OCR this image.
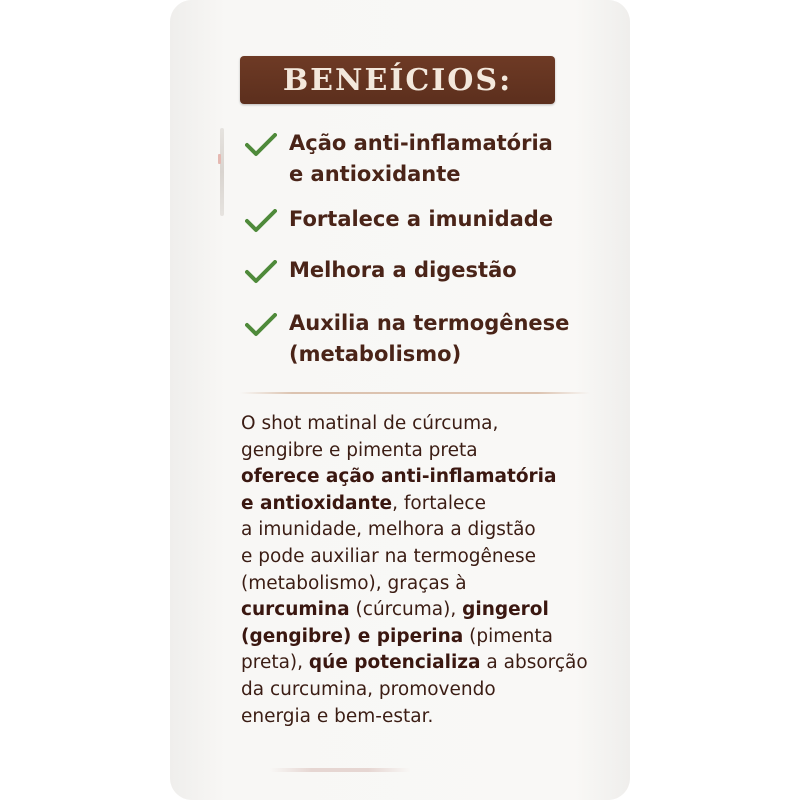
BENEÍCIOS:
Ação anti-inflamatória
e antioxidante
Fortalece a imunidade
Melhora a digestão
Auxilia na termogênese
(metabolismo)
O shot matinal de cúrcuma,
gengibre e pimenta preta
oferece ação anti-inflamatória
e antioxidante, fortalece
a imunidade, melhora a digstão
e pode auxiliar na termogênese
(metabolismo), graças à
curcumina (cúrcuma), gingerol
(gengibre) e piperina (pimenta
preta), qúe potencializa a absorção
da curcumina, promovendo
energia e bem-estar.
